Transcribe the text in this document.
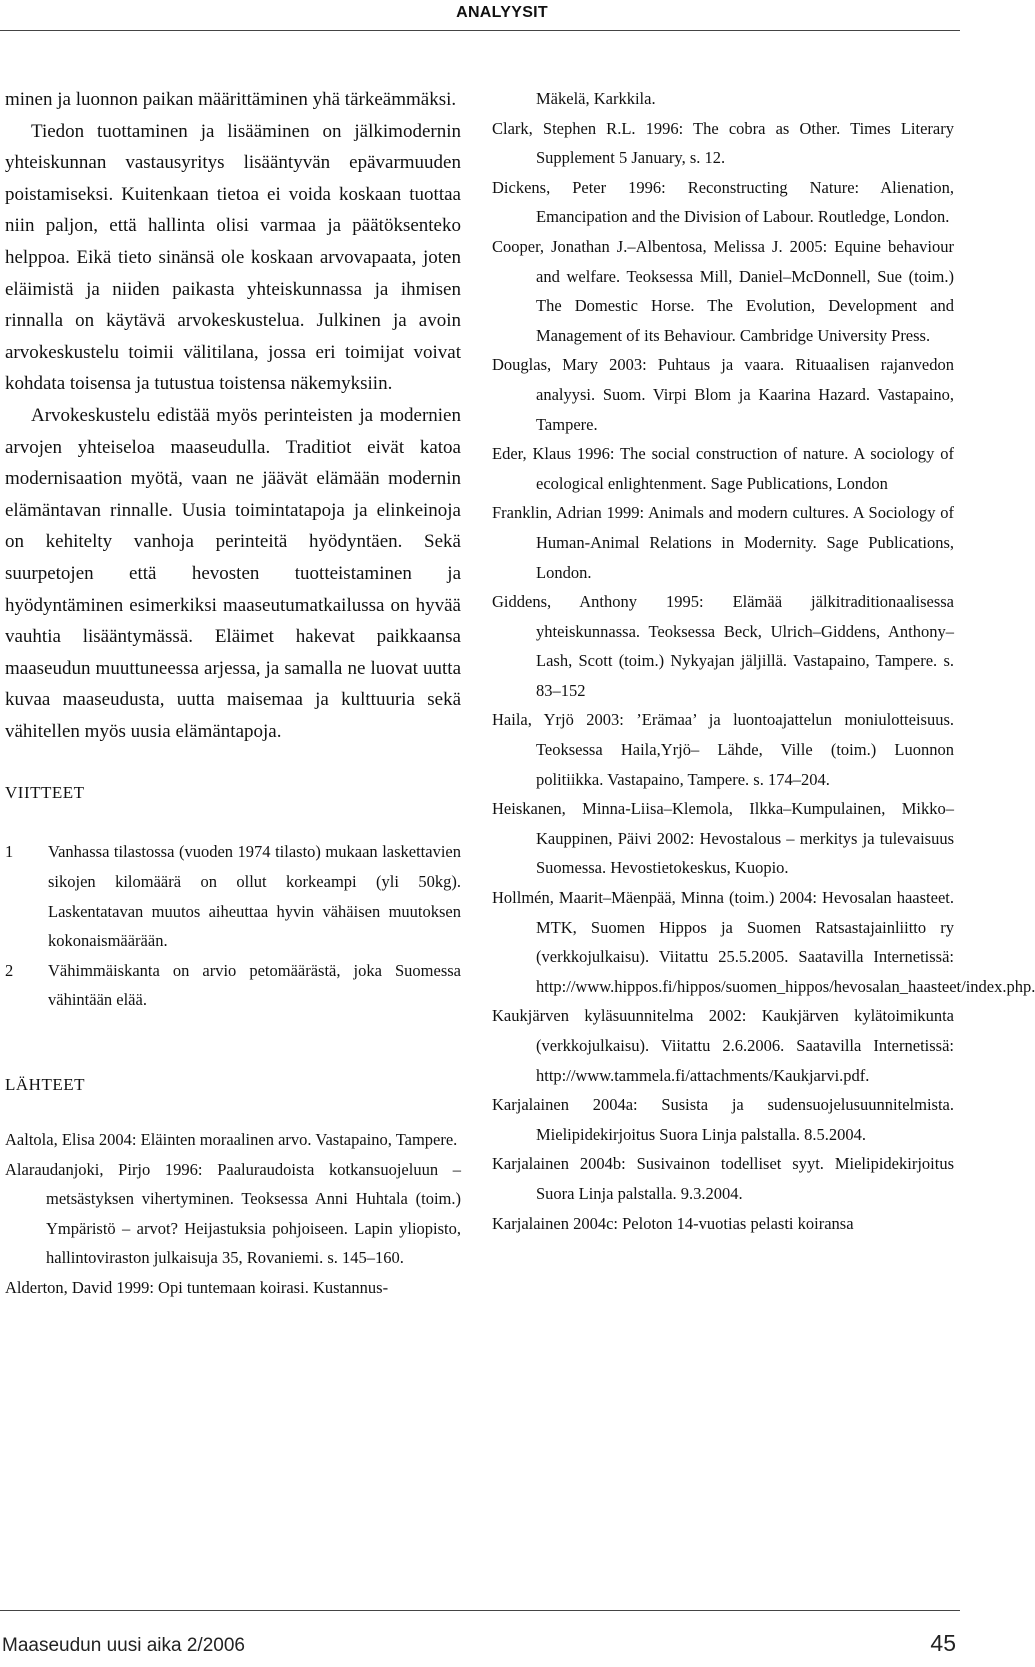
ANALYYSIT

minen ja luonnon paikan määrittäminen yhä tärkeämmäksi.

Tiedon tuottaminen ja lisääminen on jälkimodernin yhteiskunnan vastausyritys lisääntyvän epävarmuuden poistamiseksi. Kuitenkaan tietoa ei voida koskaan tuottaa niin paljon, että hallinta olisi varmaa ja päätöksenteko helppoa. Eikä tieto sinänsä ole koskaan arvovapaata, joten eläimistä ja niiden paikasta yhteiskunnassa ja ihmisen rinnalla on käytävä arvokeskustelua. Julkinen ja avoin arvokeskustelu toimii välitilana, jossa eri toimijat voivat kohdata toisensa ja tutustua toistensa näkemyksiin.

Arvokeskustelu edistää myös perinteisten ja modernien arvojen yhteiseloa maaseudulla. Traditiot eivät katoa modernisaation myötä, vaan ne jäävät elämään modernin elämäntavan rinnalle. Uusia toimintatapoja ja elinkeinoja on kehitelty vanhoja perinteitä hyödyntäen. Sekä suurpetojen että hevosten tuotteistaminen ja hyödyntäminen esimerkiksi maaseutumatkailussa on hyvää vauhtia lisääntymässä. Eläimet hakevat paikkaansa maaseudun muuttuneessa arjessa, ja samalla ne luovat uutta kuvaa maaseudusta, uutta maisemaa ja kulttuuria sekä vähitellen myös uusia elämäntapoja.

VIITTEET

1	Vanhassa tilastossa (vuoden 1974 tilasto) mukaan laskettavien sikojen kilomäärä on ollut korkeampi (yli 50kg). Laskentatavan muutos aiheuttaa hyvin vähäisen muutoksen kokonaismäärään.
2	Vähimmäiskanta on arvio petomäärästä, joka Suomessa vähintään elää.

LÄHTEET

Aaltola, Elisa 2004: Eläinten moraalinen arvo. Vastapaino, Tampere.

Alaraudanjoki, Pirjo 1996: Paaluraudoista kotkansuojeluun – metsästyksen vihertyminen. Teoksessa Anni Huhtala (toim.) Ympäristö – arvot? Heijastuksia pohjoiseen. Lapin yliopisto, hallintoviraston julkaisuja 35, Rovaniemi. s. 145–160.

Alderton, David 1999: Opi tuntemaan koirasi. Kustannus-

Mäkelä, Karkkila.

Clark, Stephen R.L. 1996: The cobra as Other. Times Literary Supplement 5 January, s. 12.

Dickens, Peter 1996: Reconstructing Nature: Alienation, Emancipation and the Division of Labour. Routledge, London.

Cooper, Jonathan J.–Albentosa, Melissa J. 2005: Equine behaviour and welfare. Teoksessa Mill, Daniel–McDonnell, Sue (toim.) The Domestic Horse. The Evolution, Development and Management of its Behaviour. Cambridge University Press.

Douglas, Mary 2003: Puhtaus ja vaara. Rituaalisen rajanvedon analyysi. Suom. Virpi Blom ja Kaarina Hazard. Vastapaino, Tampere.

Eder, Klaus 1996: The social construction of nature. A sociology of ecological enlightenment. Sage Publications, London

Franklin, Adrian 1999: Animals and modern cultures. A Sociology of Human-Animal Relations in Modernity. Sage Publications, London.

Giddens, Anthony 1995: Elämää jälkitraditionaalisessa yhteiskunnassa. Teoksessa Beck, Ulrich–Giddens, Anthony– Lash, Scott (toim.) Nykyajan jäljillä. Vastapaino, Tampere. s. 83–152

Haila, Yrjö 2003: ’Erämaa’ ja luontoajattelun moniulotteisuus. Teoksessa Haila,Yrjö– Lähde, Ville (toim.) Luonnon politiikka. Vastapaino, Tampere. s. 174–204.

Heiskanen, Minna-Liisa–Klemola, Ilkka–Kumpulainen, Mikko–Kauppinen, Päivi 2002: Hevostalous – merkitys ja tulevaisuus Suomessa. Hevostietokeskus, Kuopio.

Hollmén, Maarit–Mäenpää, Minna (toim.) 2004: Hevosalan haasteet. MTK, Suomen Hippos ja Suomen Ratsastajainliitto ry (verkkojulkaisu). Viitattu 25.5.2005. Saatavilla Internetissä: http://www.hippos.fi/hippos/suomen_hippos/hevosalan_haasteet/index.php.

Kaukjärven kyläsuunnitelma 2002: Kaukjärven kylätoimikunta (verkkojulkaisu). Viitattu 2.6.2006. Saatavilla Internetissä: http://www.tammela.fi/attachments/Kaukjarvi.pdf.

Karjalainen 2004a: Susista ja sudensuojelusuunnitelmista. Mielipidekirjoitus Suora Linja palstalla. 8.5.2004.

Karjalainen 2004b: Susivainon todelliset syyt. Mielipidekirjoitus Suora Linja palstalla. 9.3.2004.

Karjalainen 2004c: Peloton 14-vuotias pelasti koiransa

Maaseudun uusi aika 2/2006	45
